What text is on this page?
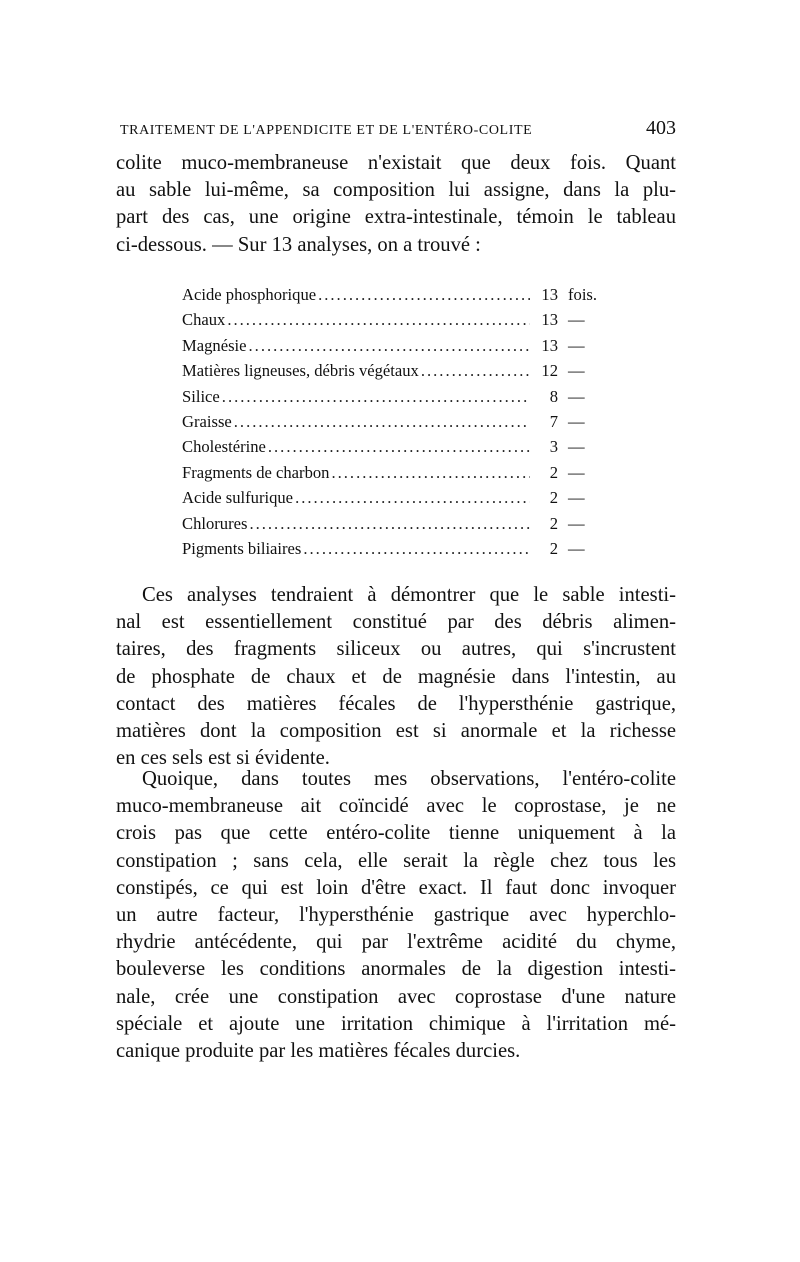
TRAITEMENT DE L'APPENDICITE ET DE L'ENTÉRO-COLITE	403
colite muco-membraneuse n'existait que deux fois. Quant
au sable lui-même, sa composition lui assigne, dans la plu-
part des cas, une origine extra-intestinale, témoin le tableau
ci-dessous. — Sur 13 analyses, on a trouvé :
Acide phosphorique .....	13 fois.
Chaux .....	13 —
Magnésie .....	13 —
Matières ligneuses, débris végétaux .....	12 —
Silice .....	8 —
Graisse .....	7 —
Cholestérine .....	3 —
Fragments de charbon .....	2 —
Acide sulfurique .....	2 —
Chlorures .....	2 —
Pigments biliaires .....	2 —
Ces analyses tendraient à démontrer que le sable intesti-
nal est essentiellement constitué par des débris alimen-
taires, des fragments siliceux ou autres, qui s'incrustent
de phosphate de chaux et de magnésie dans l'intestin, au
contact des matières fécales de l'hypersthénie gastrique,
matières dont la composition est si anormale et la richesse
en ces sels est si évidente.
Quoique, dans toutes mes observations, l'entéro-colite
muco-membraneuse ait coïncidé avec le coprostase, je ne
crois pas que cette entéro-colite tienne uniquement à la
constipation ; sans cela, elle serait la règle chez tous les
constipés, ce qui est loin d'être exact. Il faut donc invoquer
un autre facteur, l'hypersthénie gastrique avec hyperchlo-
rhydrie antécédente, qui par l'extrême acidité du chyme,
bouleverse les conditions anormales de la digestion intesti-
nale, crée une constipation avec coprostase d'une nature
spéciale et ajoute une irritation chimique à l'irritation mé-
canique produite par les matières fécales durcies.
